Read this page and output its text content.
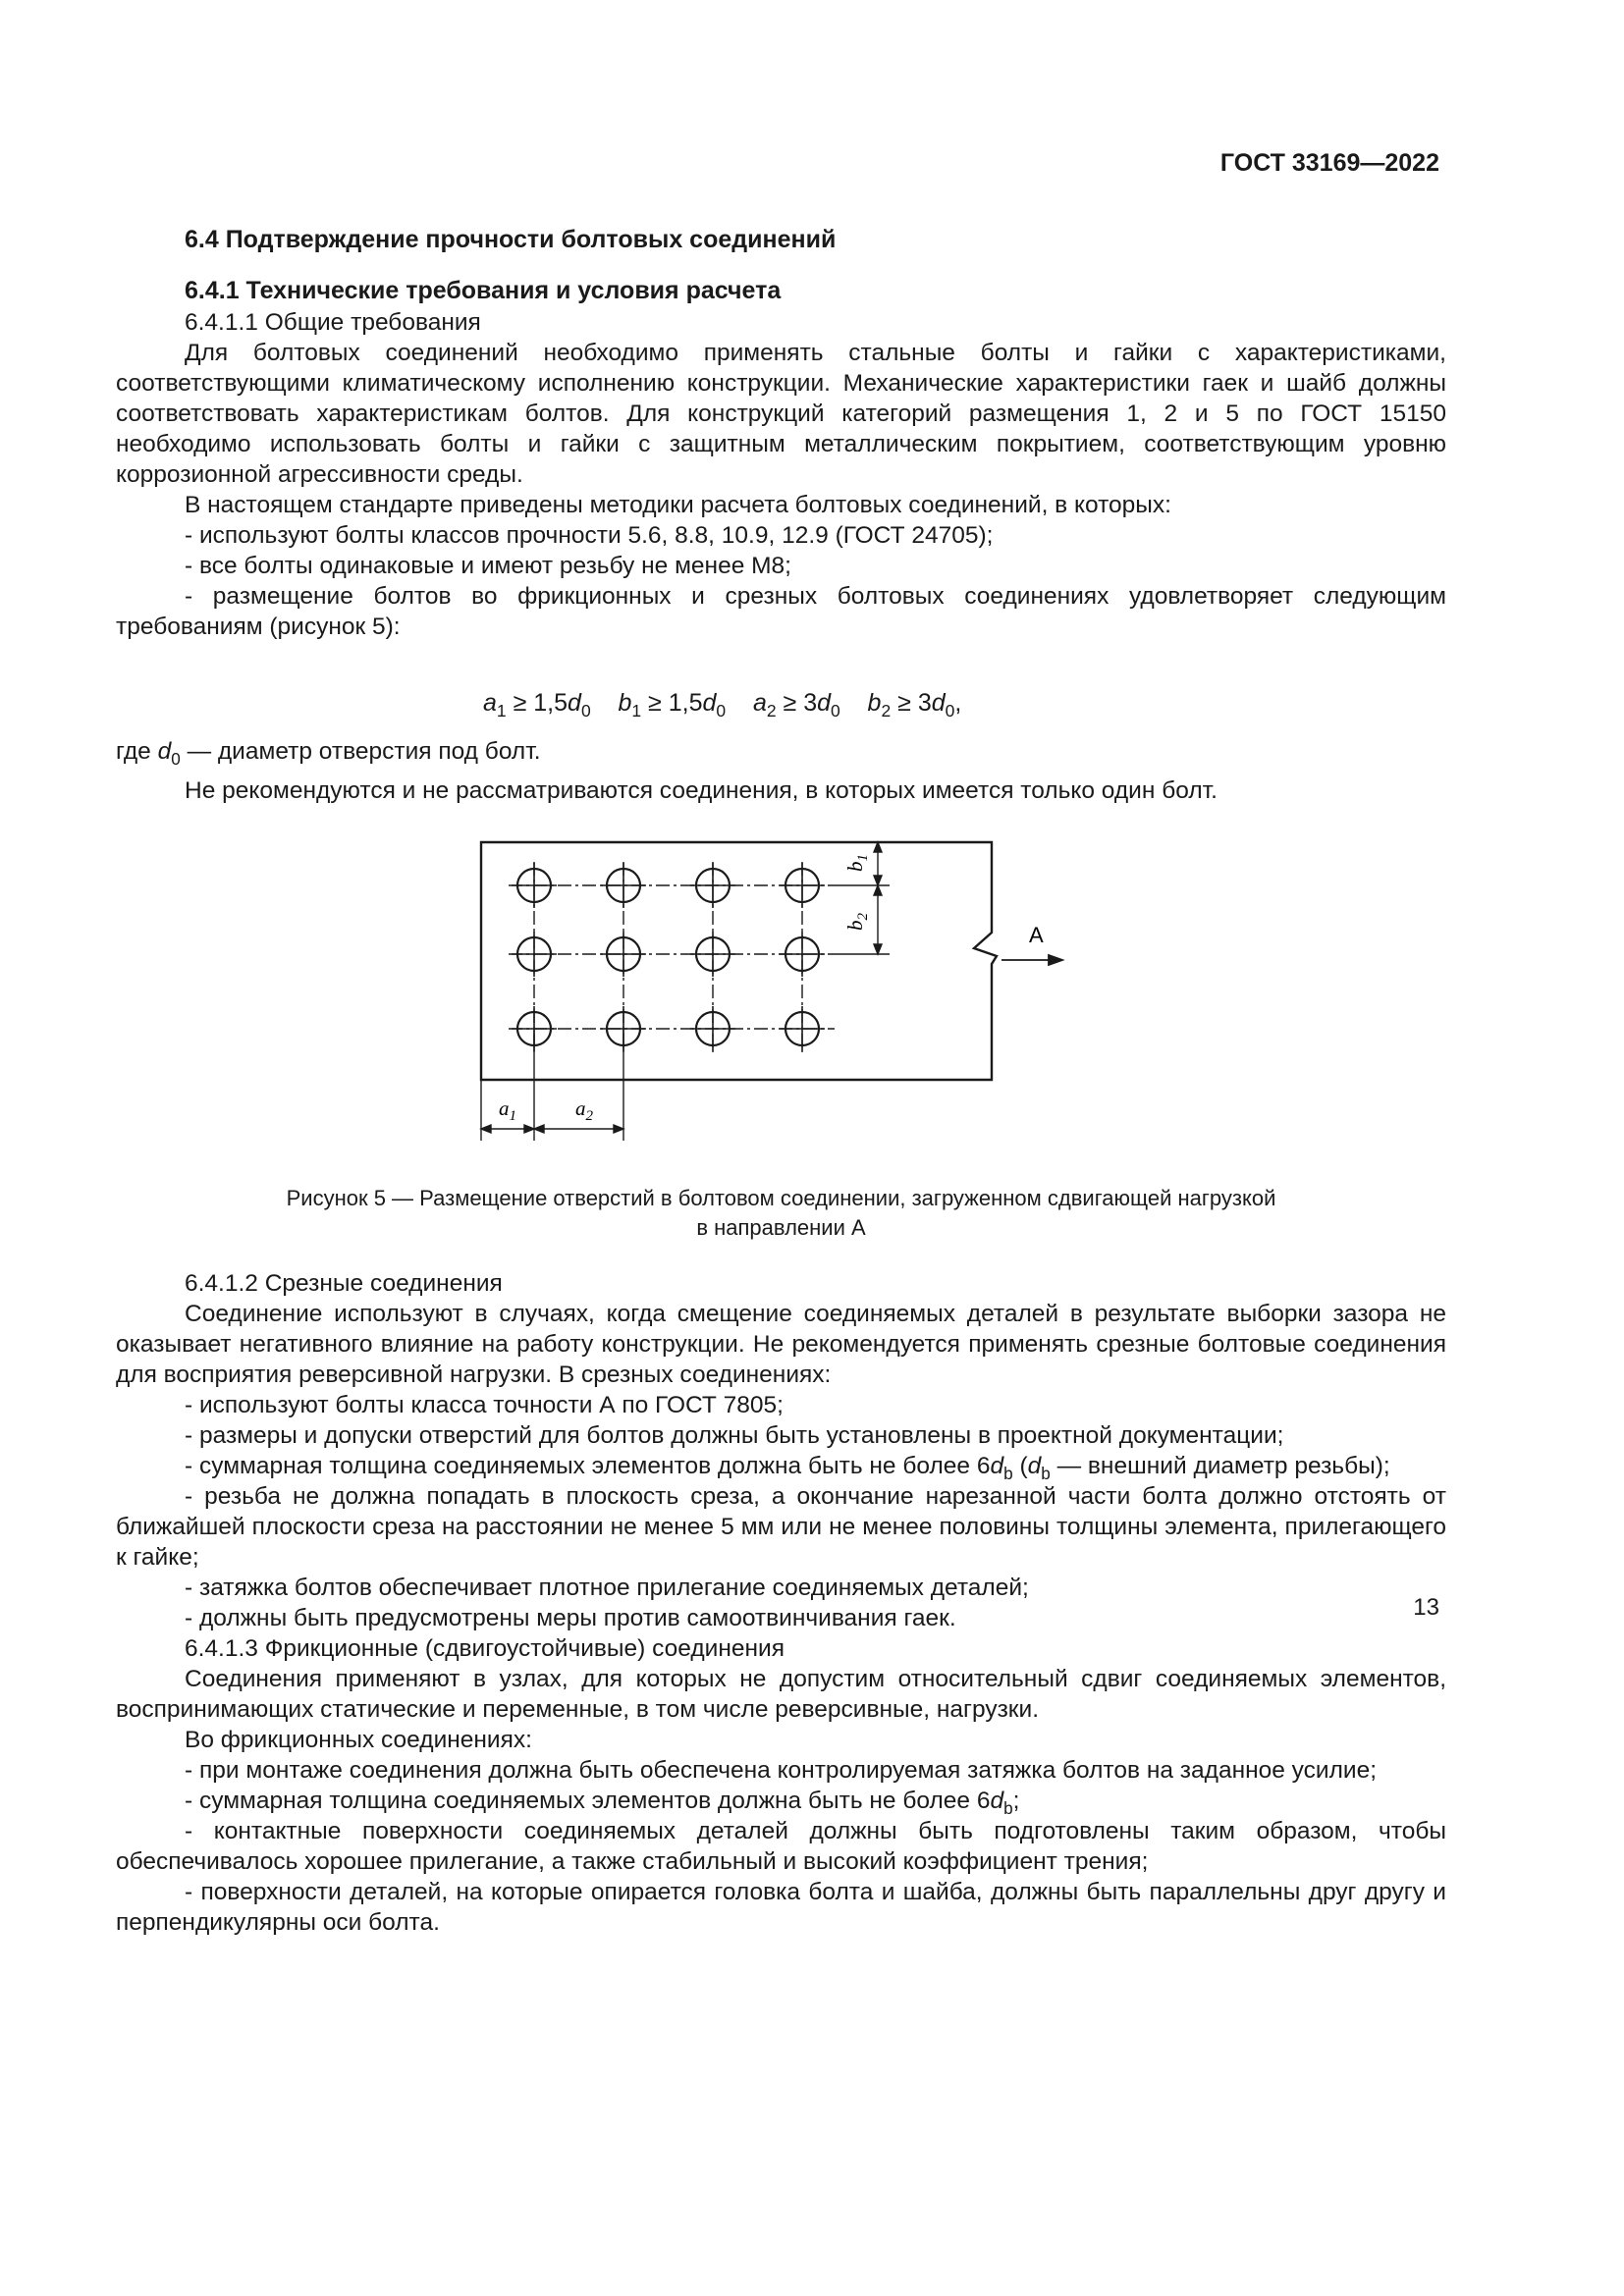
ГОСТ 33169—2022
6.4 Подтверждение прочности болтовых соединений
6.4.1 Технические требования и условия расчета
6.4.1.1 Общие требования
Для болтовых соединений необходимо применять стальные болты и гайки с характеристиками, соответствующими климатическому исполнению конструкции. Механические характеристики гаек и шайб должны соответствовать характеристикам болтов. Для конструкций категорий размещения 1, 2 и 5 по ГОСТ 15150 необходимо использовать болты и гайки с защитным металлическим покрытием, соответствующим уровню коррозионной агрессивности среды.
В настоящем стандарте приведены методики расчета болтовых соединений, в которых:
- используют болты классов прочности 5.6, 8.8, 10.9, 12.9 (ГОСТ 24705);
- все болты одинаковые и имеют резьбу не менее М8;
- размещение болтов во фрикционных и срезных болтовых соединениях удовлетворяет следующим требованиям (рисунок 5):
$a_1 \ge 1,5d_0$ $b_1 \ge 1,5d_0$ $a_2 \ge 3d_0$ $b_2 \ge 3d_0$,
где $d_0$ — диаметр отверстия под болт.
Не рекомендуются и не рассматриваются соединения, в которых имеется только один болт.
$b_1$
$b_2$
A
$a_1$	$a_2$
Рисунок 5 — Размещение отверстий в болтовом соединении, загруженном сдвигающей нагрузкой
в направлении А
6.4.1.2 Срезные соединения
Соединение используют в случаях, когда смещение соединяемых деталей в результате выборки зазора не оказывает негативного влияние на работу конструкции. Не рекомендуется применять срезные болтовые соединения для восприятия реверсивной нагрузки. В срезных соединениях:
- используют болты класса точности А по ГОСТ 7805;
- размеры и допуски отверстий для болтов должны быть установлены в проектной документации;
- суммарная толщина соединяемых элементов должна быть не более $6d_b$ ($d_b$ — внешний диаметр резьбы);
- резьба не должна попадать в плоскость среза, а окончание нарезанной части болта должно отстоять от ближайшей плоскости среза на расстоянии не менее 5 мм или не менее половины толщины элемента, прилегающего к гайке;
- затяжка болтов обеспечивает плотное прилегание соединяемых деталей;
- должны быть предусмотрены меры против самоотвинчивания гаек.
6.4.1.3 Фрикционные (сдвигоустойчивые) соединения
Соединения применяют в узлах, для которых не допустим относительный сдвиг соединяемых элементов, воспринимающих статические и переменные, в том числе реверсивные, нагрузки.
Во фрикционных соединениях:
- при монтаже соединения должна быть обеспечена контролируемая затяжка болтов на заданное усилие;
- суммарная толщина соединяемых элементов должна быть не более $6d_b$;
- контактные поверхности соединяемых деталей должны быть подготовлены таким образом, чтобы обеспечивалось хорошее прилегание, а также стабильный и высокий коэффициент трения;
- поверхности деталей, на которые опирается головка болта и шайба, должны быть параллельны друг другу и перпендикулярны оси болта.
13
